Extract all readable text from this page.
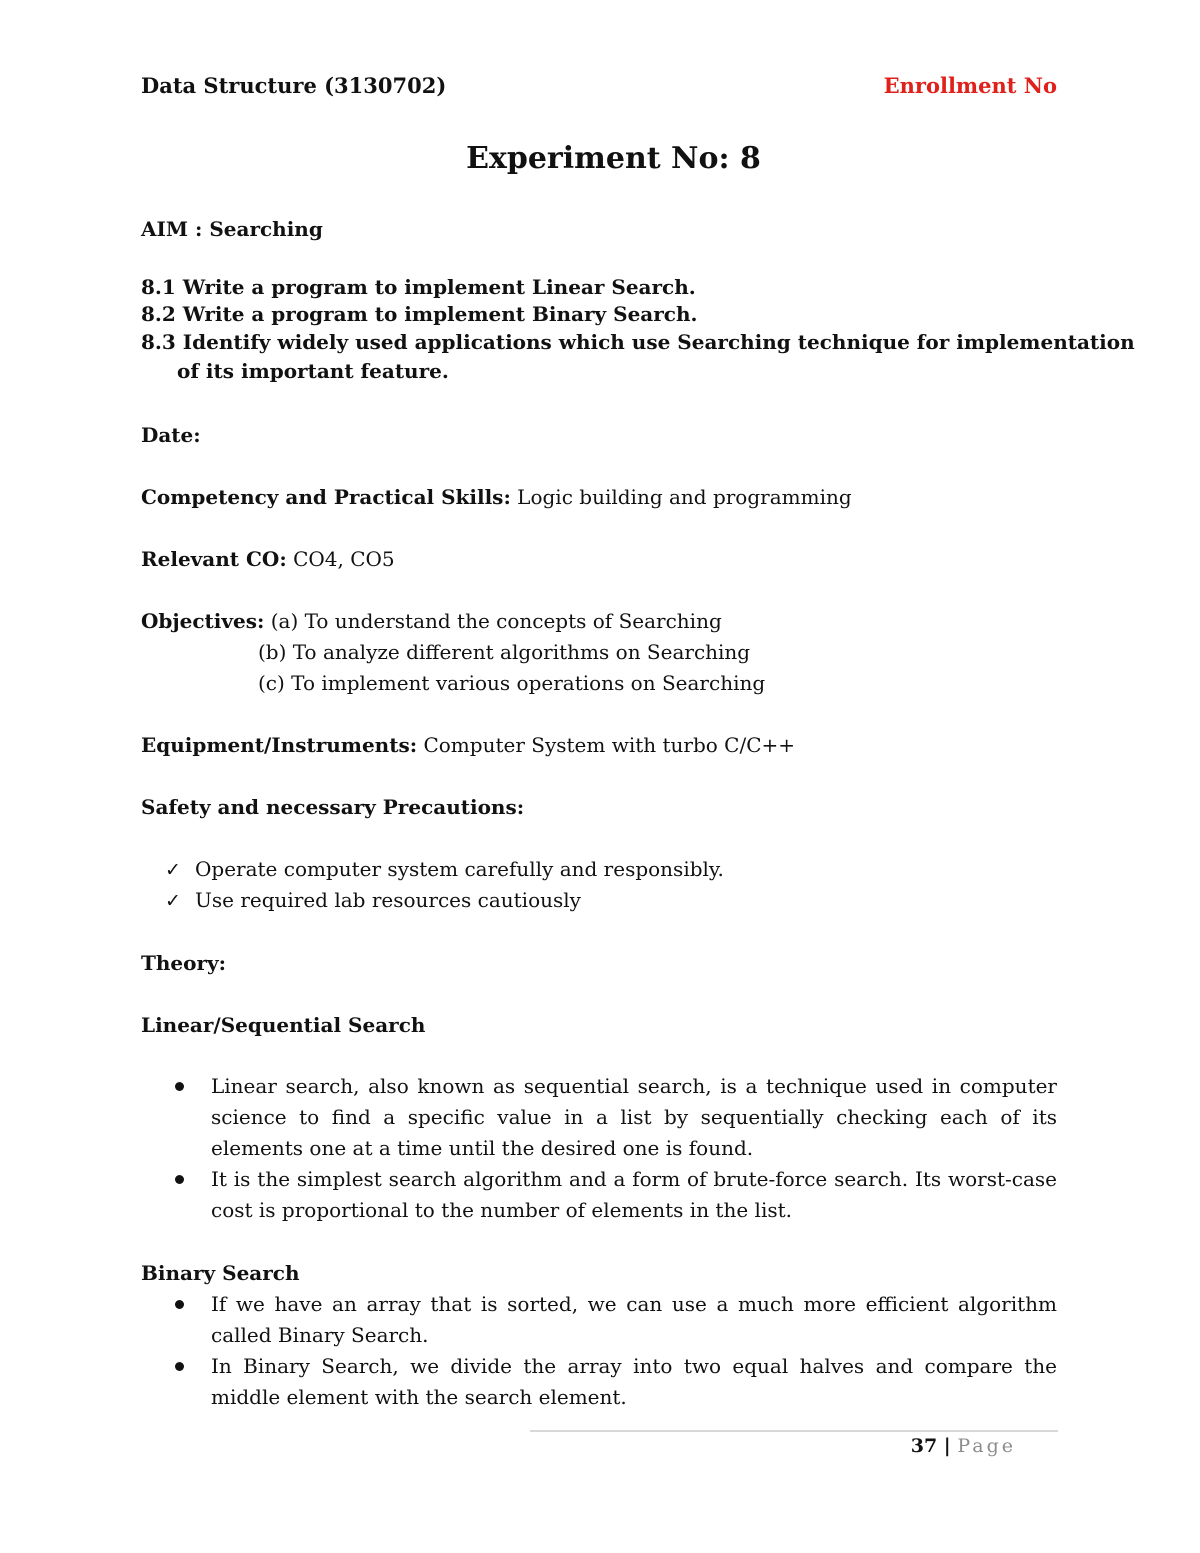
Data Structure (3130702)	Enrollment No
Experiment No: 8
AIM : Searching
8.1 Write a program to implement Linear Search.
8.2 Write a program to implement Binary Search.
8.3 Identify widely used applications which use Searching technique for implementation
of its important feature.
Date:
Competency and Practical Skills: Logic building and programming
Relevant CO: CO4, CO5
Objectives: (a) To understand the concepts of Searching
(b) To analyze different algorithms on Searching
(c) To implement various operations on Searching
Equipment/Instruments: Computer System with turbo C/C++
Safety and necessary Precautions:
✓ Operate computer system carefully and responsibly.
✓ Use required lab resources cautiously
Theory:
Linear/Sequential Search
Linear search, also known as sequential search, is a technique used in computer science to find a specific value in a list by sequentially checking each of its elements one at a time until the desired one is found.
It is the simplest search algorithm and a form of brute-force search. Its worst-case cost is proportional to the number of elements in the list.
Binary Search
If we have an array that is sorted, we can use a much more efficient algorithm called Binary Search.
In Binary Search, we divide the array into two equal halves and compare the middle element with the search element.
37 | Page
